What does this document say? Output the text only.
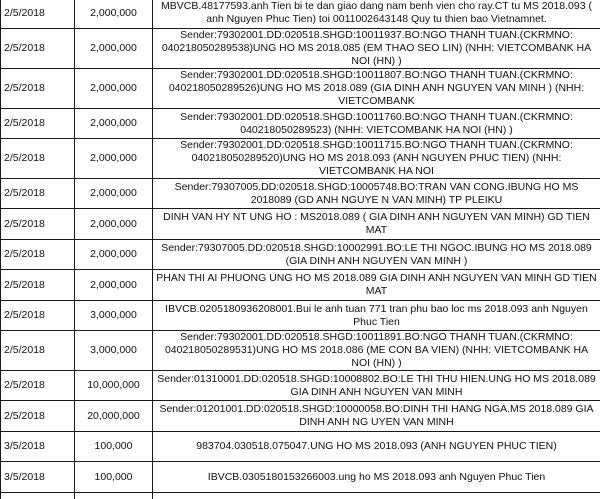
2/5/2018	2,000,000	MBVCB.48177593.anh Tien bi te dan giao dang nam benh vien cho ray.CT tu MS 2018.093 ( anh Nguyen Phuc Tien) toi 0011002643148 Quy tu thien bao Vietnamnet.
2/5/2018	2,000,000	Sender:79302001.DD:020518.SHGD:10011937.BO:NGO THANH TUAN.(CKRMNO: 040218050289538)UNG HO MS 2018.085 (EM THAO SEO LIN) (NHH: VIETCOMBANK HA NOI (HN) )
2/5/2018	2,000,000	Sender:79302001.DD:020518.SHGD:10011807.BO:NGO THANH TUAN.(CKRMNO: 040218050289526)UNG HO MS 2018.089 (GIA DINH ANH NGUYEN VAN MINH ) (NHH: VIETCOMBANK
2/5/2018	2,000,000	Sender:79302001.DD:020518.SHGD:10011760.BO:NGO THANH TUAN.(CKRMNO: 040218050289523) (NHH: VIETCOMBANK HA NOI (HN) )
2/5/2018	2,000,000	Sender:79302001.DD:020518.SHGD:10011715.BO:NGO THANH TUAN.(CKRMNO: 040218050289520)UNG HO MS 2018.093 (ANH NGUYEN PHUC TIEN) (NHH: VIETCOMBANK HA NOI
2/5/2018	2,000,000	Sender:79307005.DD:020518.SHGD:10005748.BO:TRAN VAN CONG.IBUNG HO MS 2018089 (GD ANH NGUYE N VAN MINH) TP PLEIKU
2/5/2018	2,000,000	DINH VAN HY NT UNG HO : MS2018.089 ( GIA DINH ANH NGUYEN VAN MINH) GD TIEN MAT
2/5/2018	2,000,000	Sender:79307005.DD:020518.SHGD:10002991.BO:LE THI NGOC.IBUNG HO MS 2018.089 (GIA DINH ANH NGUYEN VAN MINH )
2/5/2018	2,000,000	PHAN THI AI PHUONG UNG HO MS 2018.089 GIA DINH ANH NGUYEN VAN MINH GD TIEN MAT
2/5/2018	3,000,000	IBVCB.0205180936208001.Bui le anh tuan 771 tran phu bao loc ms 2018.093 anh Nguyen Phuc Tien
2/5/2018	3,000,000	Sender:79302001.DD:020518.SHGD:10011891.BO:NGO THANH TUAN.(CKRMNO: 040218050289531)UNG HO MS 2018.086 (ME CON BA VIEN) (NHH: VIETCOMBANK HA NOI (HN) )
2/5/2018	10,000,000	Sender:01310001.DD:020518.SHGD:10008802.BO:LE THI THU HIEN.UNG HO MS 2018.089 GIA DINH ANH NGUYEN VAN MINH
2/5/2018	20,000,000	Sender:01201001.DD:020518.SHGD:10000058.BO:DINH THI HANG NGA.MS 2018.089 GIA DINH ANH NG UYEN VAN MINH
3/5/2018	100,000	983704.030518.075047.UNG HO MS 2018.093 (ANH NGUYEN PHUC TIEN)
3/5/2018	100,000	IBVCB.0305180153266003.ung ho MS 2018.093 anh Nguyen Phuc Tien
